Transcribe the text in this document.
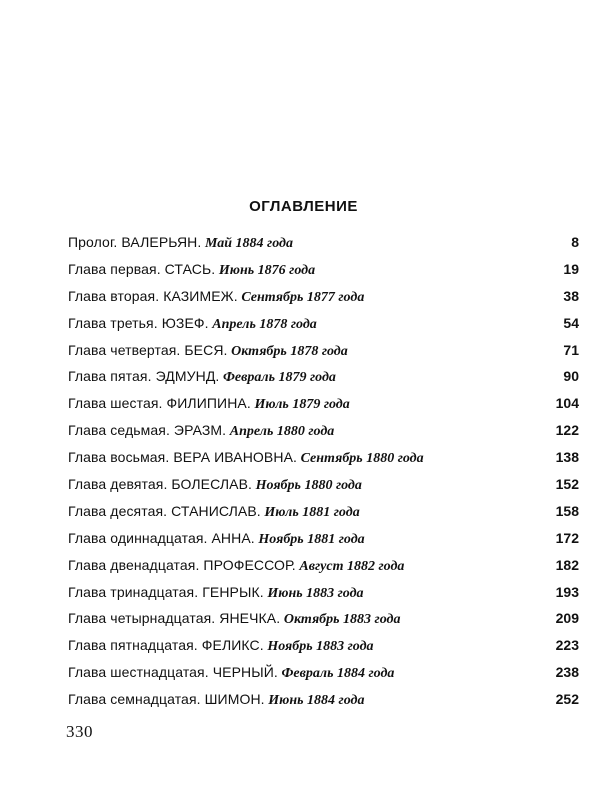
ОГЛАВЛЕНИЕ
Пролог. ВАЛЕРЬЯН. Май 1884 года	8
Глава первая. СТАСЬ. Июнь 1876 года	19
Глава вторая. КАЗИМЕЖ. Сентябрь 1877 года	38
Глава третья. ЮЗЕФ. Апрель 1878 года	54
Глава четвертая. БЕСЯ. Октябрь 1878 года	71
Глава пятая. ЭДМУНД. Февраль 1879 года	90
Глава шестая. ФИЛИПИНА. Июль 1879 года	104
Глава седьмая. ЭРАЗМ. Апрель 1880 года	122
Глава восьмая. ВЕРА ИВАНОВНА. Сентябрь 1880 года	138
Глава девятая. БОЛЕСЛАВ. Ноябрь 1880 года	152
Глава десятая. СТАНИСЛАВ. Июль 1881 года	158
Глава одиннадцатая. АННА. Ноябрь 1881 года	172
Глава двенадцатая. ПРОФЕССОР. Август 1882 года	182
Глава тринадцатая. ГЕНРЫК. Июнь 1883 года	193
Глава четырнадцатая. ЯНЕЧКА. Октябрь 1883 года	209
Глава пятнадцатая. ФЕЛИКС. Ноябрь 1883 года	223
Глава шестнадцатая. ЧЕРНЫЙ. Февраль 1884 года	238
Глава семнадцатая. ШИМОН. Июнь 1884 года	252
330
